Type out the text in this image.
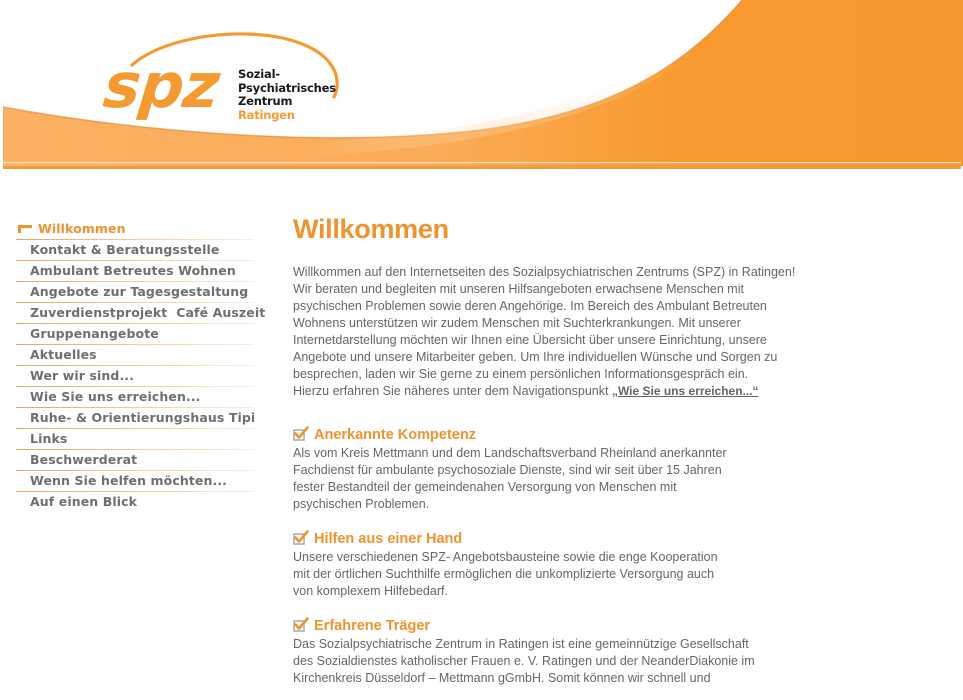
spz Sozial-
Psychiatrisches
Zentrum
Ratingen
Willkommen
Kontakt & Beratungsstelle
Ambulant Betreutes Wohnen
Angebote zur Tagesgestaltung
Zuverdienstprojekt  Café Auszeit
Gruppenangebote
Aktuelles
Wer wir sind...
Wie Sie uns erreichen...
Ruhe- & Orientierungshaus Tipi
Links
Beschwerderat
Wenn Sie helfen möchten...
Auf einen Blick
Willkommen
Willkommen auf den Internetseiten des Sozialpsychiatrischen Zentrums (SPZ) in Ratingen!
Wir beraten und begleiten mit unseren Hilfsangeboten erwachsene Menschen mit
psychischen Problemen sowie deren Angehörige. Im Bereich des Ambulant Betreuten
Wohnens unterstützen wir zudem Menschen mit Suchterkrankungen. Mit unserer
Internetdarstellung möchten wir Ihnen eine Übersicht über unsere Einrichtung, unsere
Angebote und unsere Mitarbeiter geben. Um Ihre individuellen Wünsche und Sorgen zu
besprechen, laden wir Sie gerne zu einem persönlichen Informationsgespräch ein.
Hierzu erfahren Sie näheres unter dem Navigationspunkt „Wie Sie uns erreichen...“
Anerkannte Kompetenz
Als vom Kreis Mettmann und dem Landschaftsverband Rheinland anerkannter
Fachdienst für ambulante psychosoziale Dienste, sind wir seit über 15 Jahren
fester Bestandteil der gemeindenahen Versorgung von Menschen mit
psychischen Problemen.
Hilfen aus einer Hand
Unsere verschiedenen SPZ- Angebotsbausteine sowie die enge Kooperation
mit der örtlichen Suchthilfe ermöglichen die unkomplizierte Versorgung auch
von komplexem Hilfebedarf.
Erfahrene Träger
Das Sozialpsychiatrische Zentrum in Ratingen ist eine gemeinnützige Gesellschaft
des Sozialdienstes katholischer Frauen e. V. Ratingen und der NeanderDiakonie im
Kirchenkreis Düsseldorf – Mettmann gGmbH. Somit können wir schnell und
